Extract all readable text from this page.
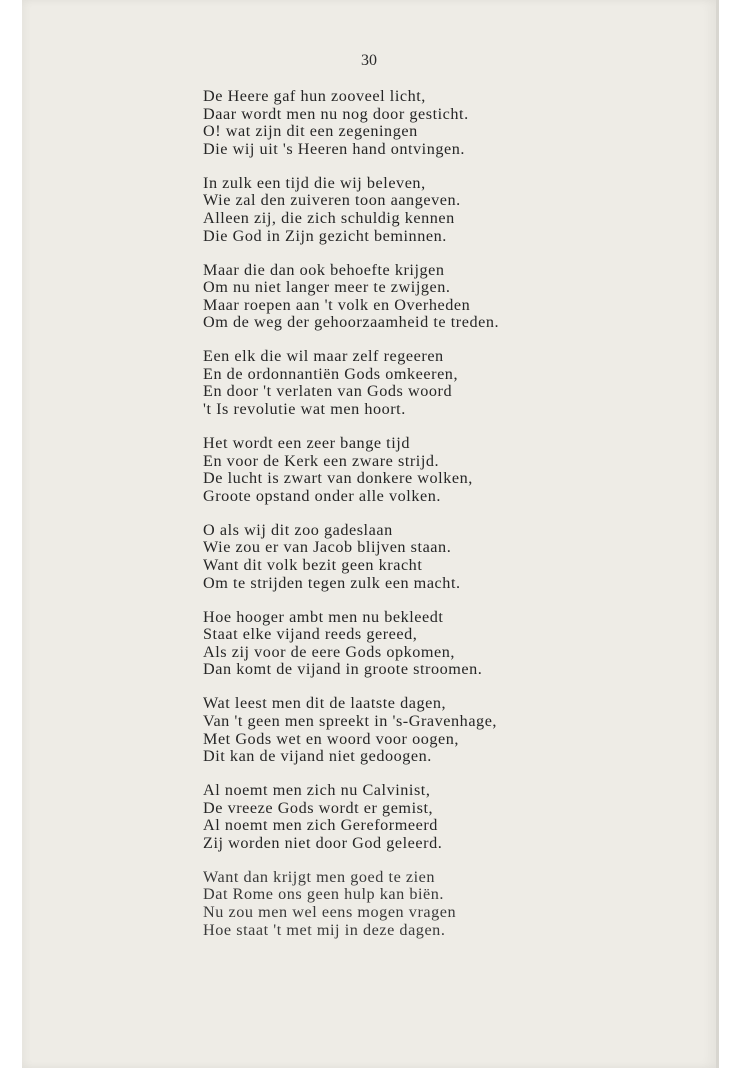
30
De Heere gaf hun zooveel licht,
Daar wordt men nu nog door gesticht.
O! wat zijn dit een zegeningen
Die wij uit 's Heeren hand ontvingen.
In zulk een tijd die wij beleven,
Wie zal den zuiveren toon aangeven.
Alleen zij, die zich schuldig kennen
Die God in Zijn gezicht beminnen.
Maar die dan ook behoefte krijgen
Om nu niet langer meer te zwijgen.
Maar roepen aan 't volk en Overheden
Om de weg der gehoorzaamheid te treden.
Een elk die wil maar zelf regeeren
En de ordonnantiën Gods omkeeren,
En door 't verlaten van Gods woord
't Is revolutie wat men hoort.
Het wordt een zeer bange tijd
En voor de Kerk een zware strijd.
De lucht is zwart van donkere wolken,
Groote opstand onder alle volken.
O als wij dit zoo gadeslaan
Wie zou er van Jacob blijven staan.
Want dit volk bezit geen kracht
Om te strijden tegen zulk een macht.
Hoe hooger ambt men nu bekleedt
Staat elke vijand reeds gereed,
Als zij voor de eere Gods opkomen,
Dan komt de vijand in groote stroomen.
Wat leest men dit de laatste dagen,
Van 't geen men spreekt in 's-Gravenhage,
Met Gods wet en woord voor oogen,
Dit kan de vijand niet gedoogen.
Al noemt men zich nu Calvinist,
De vreeze Gods wordt er gemist,
Al noemt men zich Gereformeerd
Zij worden niet door God geleerd.
Want dan krijgt men goed te zien
Dat Rome ons geen hulp kan biën.
Nu zou men wel eens mogen vragen
Hoe staat 't met mij in deze dagen.
